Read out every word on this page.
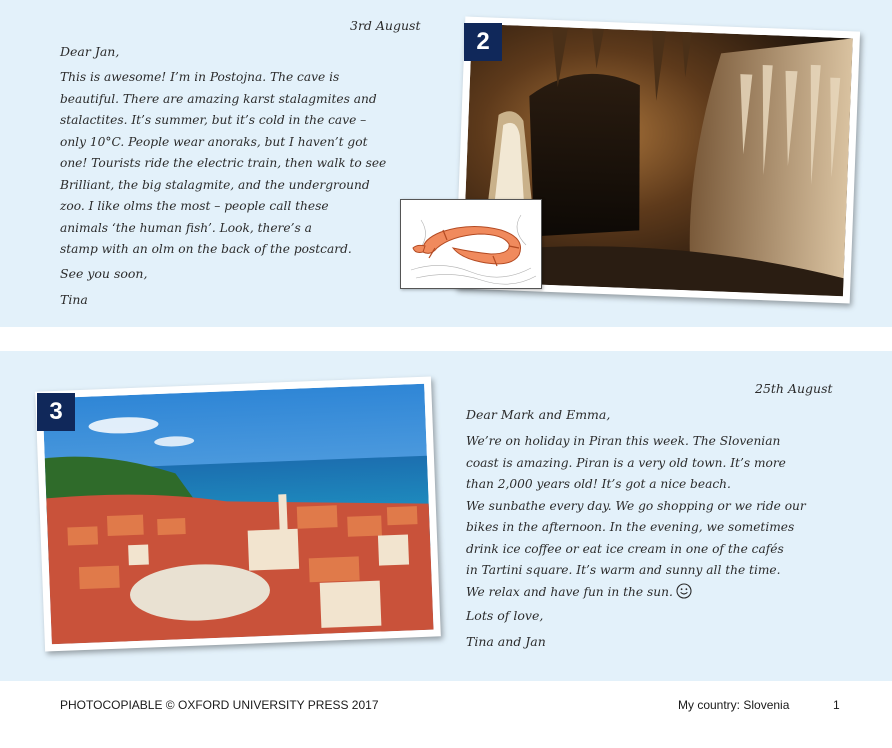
3rd August
Dear Jan,
This is awesome! I’m in Postojna. The cave is
beautiful. There are amazing karst stalagmites and
stalactites. It’s summer, but it’s cold in the cave –
only 10°C. People wear anoraks, but I haven’t got
one! Tourists ride the electric train, then walk to see
Brilliant, the big stalagmite, and the underground
zoo. I like olms the most – people call these
animals ‘the human fish’. Look, there’s a
stamp with an olm on the back of the postcard.
See you soon,
Tina
2
3
25th August
Dear Mark and Emma,
We’re on holiday in Piran this week. The Slovenian
coast is amazing. Piran is a very old town. It’s more
than 2,000 years old! It’s got a nice beach.
We sunbathe every day. We go shopping or we ride our
bikes in the afternoon. In the evening, we sometimes
drink ice coffee or eat ice cream in one of the cafés
in Tartini square. It’s warm and sunny all the time.
We relax and have fun in the sun.
Lots of love,
Tina and Jan
PHOTOCOPIABLE © OXFORD UNIVERSITY PRESS 2017	My country: Slovenia	1
